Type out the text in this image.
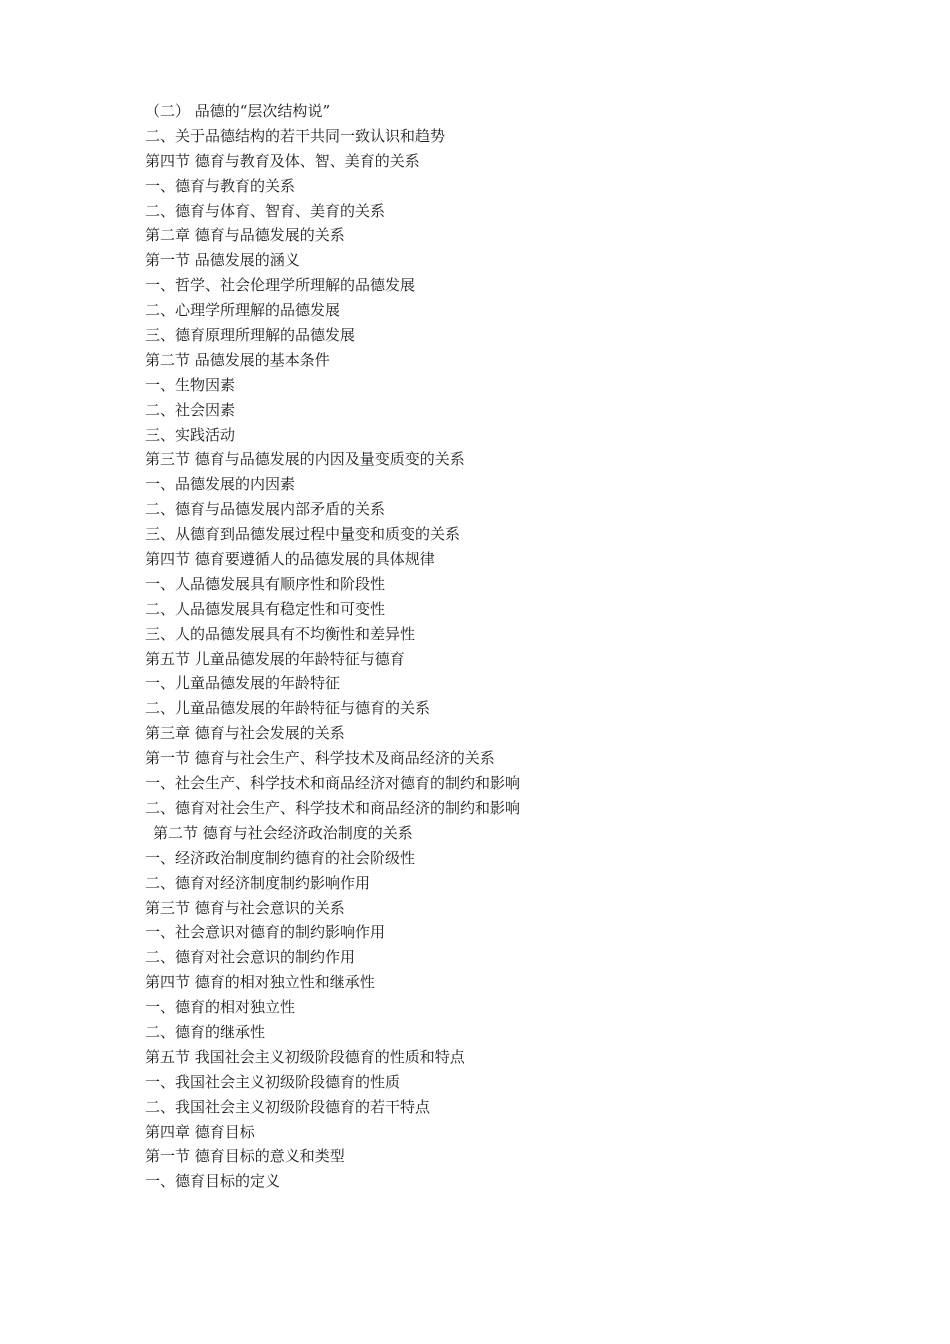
（二） 品德的“层次结构说”
二、关于品德结构的若干共同一致认识和趋势
第四节 德育与教育及体、智、美育的关系
一、德育与教育的关系
二、德育与体育、智育、美育的关系
第二章 德育与品德发展的关系
第一节 品德发展的涵义
一、哲学、社会伦理学所理解的品德发展
二、心理学所理解的品德发展
三、德育原理所理解的品德发展
第二节 品德发展的基本条件
一、生物因素
二、社会因素
三、实践活动
第三节 德育与品德发展的内因及量变质变的关系
一、品德发展的内因素
二、德育与品德发展内部矛盾的关系
三、从德育到品德发展过程中量变和质变的关系
第四节 德育要遵循人的品德发展的具体规律
一、人品德发展具有顺序性和阶段性
二、人品德发展具有稳定性和可变性
三、人的品德发展具有不均衡性和差异性
第五节 儿童品德发展的年龄特征与德育
一、儿童品德发展的年龄特征
二、儿童品德发展的年龄特征与德育的关系
第三章 德育与社会发展的关系
第一节 德育与社会生产、科学技术及商品经济的关系
一、社会生产、科学技术和商品经济对德育的制约和影响
二、德育对社会生产、科学技术和商品经济的制约和影响
第二节 德育与社会经济政治制度的关系
一、经济政治制度制约德育的社会阶级性
二、德育对经济制度制约影响作用
第三节 德育与社会意识的关系
一、社会意识对德育的制约影响作用
二、德育对社会意识的制约作用
第四节 德育的相对独立性和继承性
一、德育的相对独立性
二、德育的继承性
第五节 我国社会主义初级阶段德育的性质和特点
一、我国社会主义初级阶段德育的性质
二、我国社会主义初级阶段德育的若干特点
第四章 德育目标
第一节 德育目标的意义和类型
一、德育目标的定义
